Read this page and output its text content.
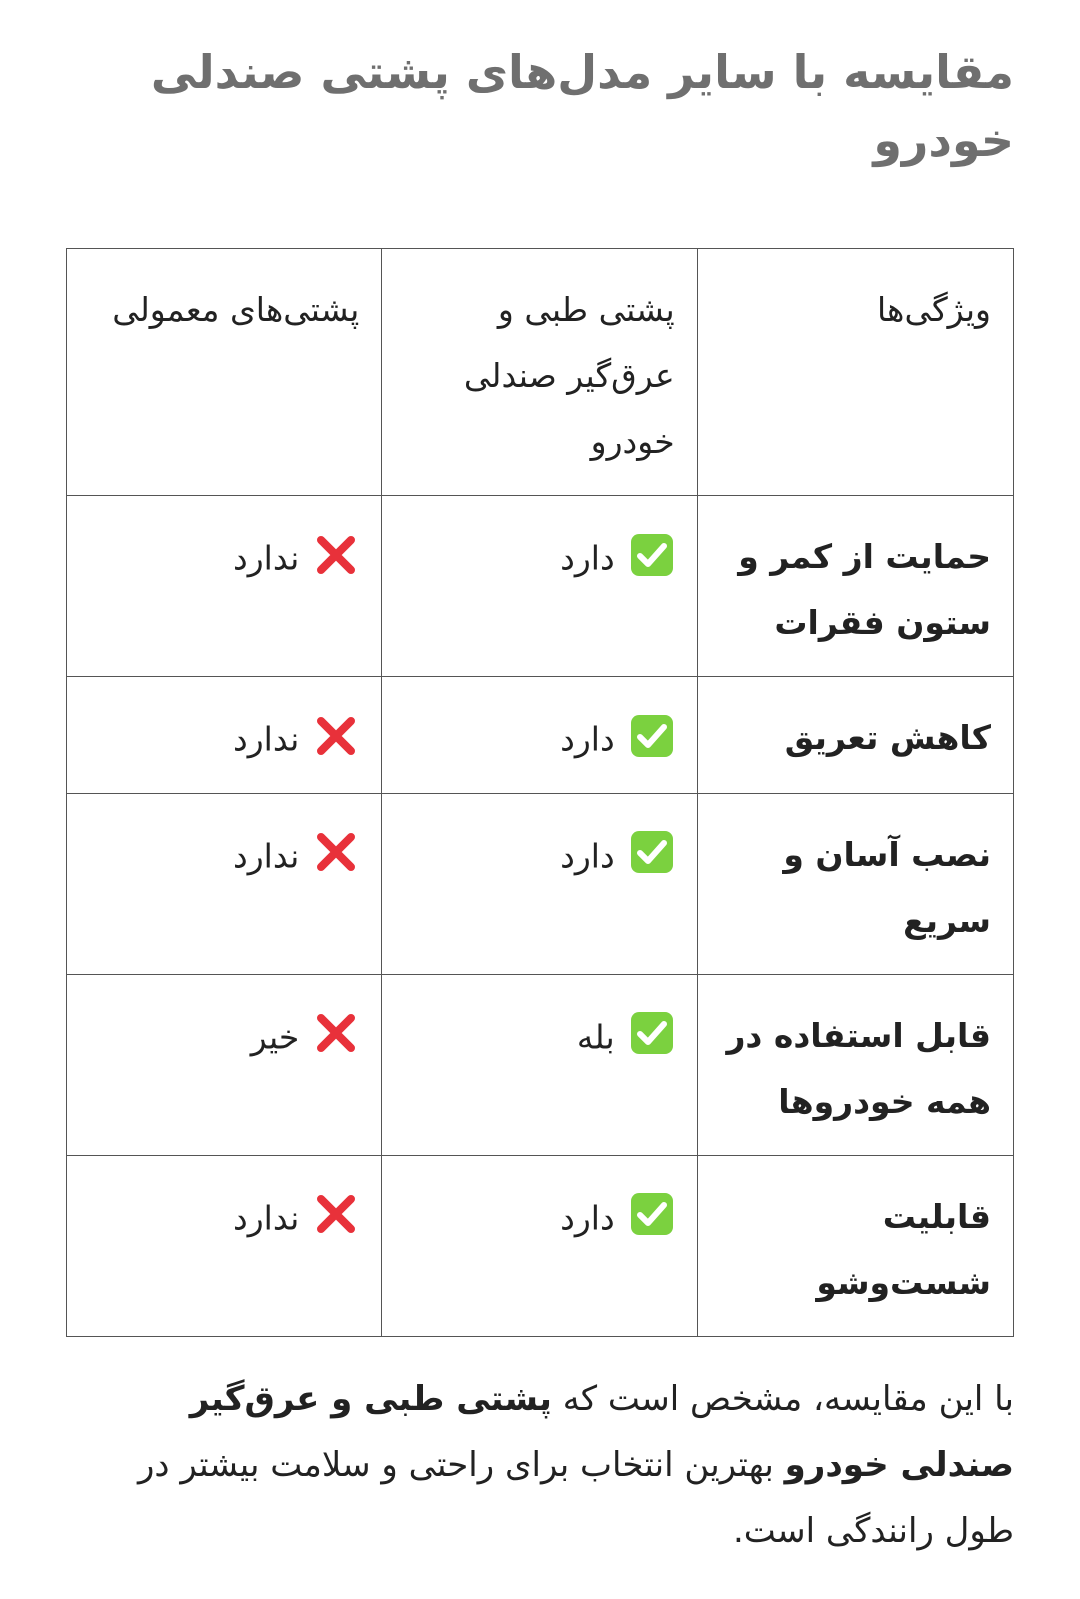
مقایسه با سایر مدل‌های پشتی صندلی خودرو
ویژگی‌ها	پشتی طبی و عرق‌گیر صندلی خودرو	پشتی‌های معمولی
حمایت از کمر و ستون فقرات	دارد	ندارد
کاهش تعریق	دارد	ندارد
نصب آسان و سریع	دارد	ندارد
قابل استفاده در همه خودروها	بله	خیر
قابلیت شست‌وشو	دارد	ندارد

با این مقایسه، مشخص است که پشتی طبی و عرق‌گیر صندلی خودرو بهترین انتخاب برای راحتی و سلامت بیشتر در طول رانندگی است.
